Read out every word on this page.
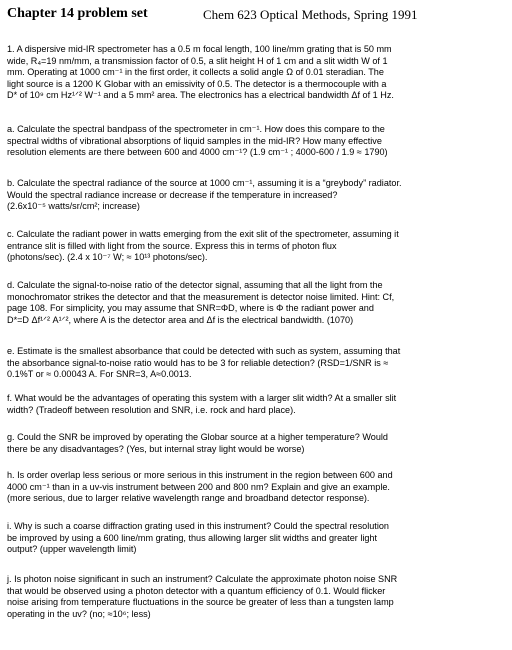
Chapter 14 problem set	Chem 623 Optical Methods, Spring 1991

1. A dispersive mid-IR spectrometer has a 0.5 m focal length, 100 line/mm grating that is 50 mm
wide, R₄=19 nm/mm, a transmission factor of 0.5, a slit height H of 1 cm and a slit width W of 1
mm. Operating at 1000 cm⁻¹ in the first order, it collects a solid angle Ω of 0.01 steradian. The
light source is a 1200 K Globar with an emissivity of 0.5. The detector is a thermocouple with a
D* of 10⁹ cm Hz¹ᐟ² W⁻¹ and a 5 mm² area. The electronics has a electrical bandwidth Δf of 1 Hz.

a. Calculate the spectral bandpass of the spectrometer in cm⁻¹. How does this compare to the
spectral widths of vibrational absorptions of liquid samples in the mid-IR? How many effective
resolution elements are there between 600 and 4000 cm⁻¹? (1.9 cm⁻¹ ; 4000-600 / 1.9 ≈ 1790)

b. Calculate the spectral radiance of the source at 1000 cm⁻¹, assuming it is a “greybody” radiator.
Would the spectral radiance increase or decrease if the temperature in increased?
(2.6x10⁻⁵ watts/sr/cm²; increase)

c. Calculate the radiant power in watts emerging from the exit slit of the spectrometer, assuming it
entrance slit is filled with light from the source. Express this in terms of photon flux
(photons/sec). (2.4 x 10⁻⁷ W; ≈ 10¹³ photons/sec).

d. Calculate the signal-to-noise ratio of the detector signal, assuming that all the light from the
monochromator strikes the detector and that the measurement is detector noise limited. Hint: Cf,
page 108. For simplicity, you may assume that SNR=ΦD, where is Φ the radiant power and
D*=D Δf¹ᐟ² A¹ᐟ², where A is the detector area and Δf is the electrical bandwidth. (1070)

e. Estimate is the smallest absorbance that could be detected with such as system, assuming that
the absorbance signal-to-noise ratio would has to be 3 for reliable detection? (RSD=1/SNR is ≈
0.1%T or ≈ 0.00043 A. For SNR=3, A≈0.0013.

f. What would be the advantages of operating this system with a larger slit width? At a smaller slit
width? (Tradeoff between resolution and SNR, i.e. rock and hard place).

g. Could the SNR be improved by operating the Globar source at a higher temperature? Would
there be any disadvantages? (Yes, but internal stray light would be worse)

h. Is order overlap less serious or more serious in this instrument in the region between 600 and
4000 cm⁻¹ than in a uv-vis instrument between 200 and 800 nm? Explain and give an example.
(more serious, due to larger relative wavelength range and broadband detector response).

i. Why is such a coarse diffraction grating used in this instrument? Could the spectral resolution
be improved by using a 600 line/mm grating, thus allowing larger slit widths and greater light
output? (upper wavelength limit)

j. Is photon noise significant in such an instrument? Calculate the approximate photon noise SNR
that would be observed using a photon detector with a quantum efficiency of 0.1. Would flicker
noise arising from temperature fluctuations in the source be greater of less than a tungsten lamp
operating in the uv? (no; ≈10⁶; less)
